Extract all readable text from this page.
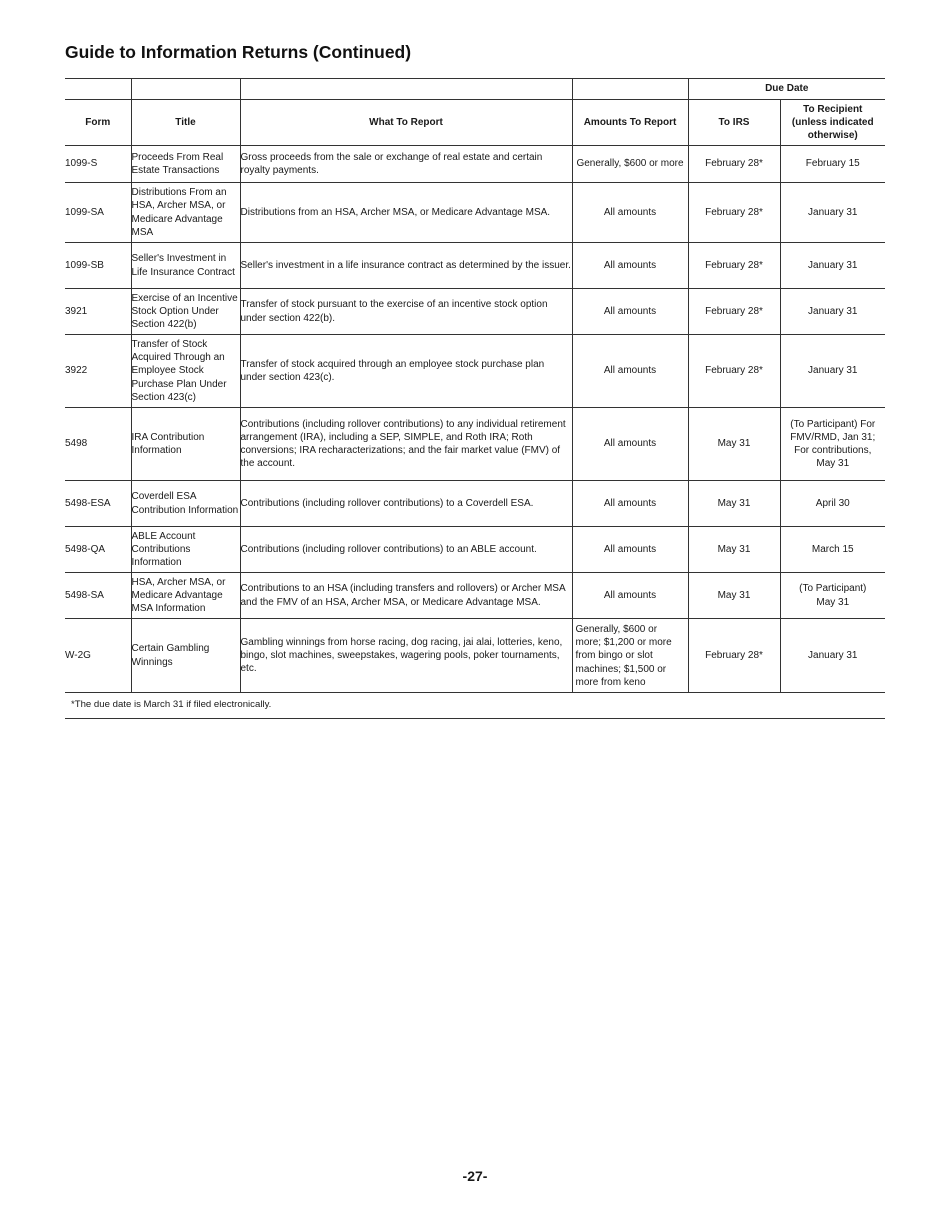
Guide to Information Returns (Continued)
				Due Date	
Form	Title	What To Report	Amounts To Report	To IRS	To Recipient (unless indicated otherwise)
1099-S	Proceeds From Real Estate Transactions	Gross proceeds from the sale or exchange of real estate and certain royalty payments.	Generally, $600 or more	February 28*	February 15
1099-SA	Distributions From an HSA, Archer MSA, or Medicare Advantage MSA	Distributions from an HSA, Archer MSA, or Medicare Advantage MSA.	All amounts	February 28*	January 31
1099-SB	Seller's Investment in Life Insurance Contract	Seller's investment in a life insurance contract as determined by the issuer.	All amounts	February 28*	January 31
3921	Exercise of an Incentive Stock Option Under Section 422(b)	Transfer of stock pursuant to the exercise of an incentive stock option under section 422(b).	All amounts	February 28*	January 31
3922	Transfer of Stock Acquired Through an Employee Stock Purchase Plan Under Section 423(c)	Transfer of stock acquired through an employee stock purchase plan under section 423(c).	All amounts	February 28*	January 31
5498	IRA Contribution Information	Contributions (including rollover contributions) to any individual retirement arrangement (IRA), including a SEP, SIMPLE, and Roth IRA; Roth conversions; IRA recharacterizations; and the fair market value (FMV) of the account.	All amounts	May 31	(To Participant) For FMV/RMD, Jan 31; For contributions, May 31
5498-ESA	Coverdell ESA Contribution Information	Contributions (including rollover contributions) to a Coverdell ESA.	All amounts	May 31	April 30
5498-QA	ABLE Account Contributions Information	Contributions (including rollover contributions) to an ABLE account.	All amounts	May 31	March 15
5498-SA	HSA, Archer MSA, or Medicare Advantage MSA Information	Contributions to an HSA (including transfers and rollovers) or Archer MSA and the FMV of an HSA, Archer MSA, or Medicare Advantage MSA.	All amounts	May 31	(To Participant) May 31
W-2G	Certain Gambling Winnings	Gambling winnings from horse racing, dog racing, jai alai, lotteries, keno, bingo, slot machines, sweepstakes, wagering pools, poker tournaments, etc.	Generally, $600 or more; $1,200 or more from bingo or slot machines; $1,500 or more from keno	February 28*	January 31
*The due date is March 31 if filed electronically.					
-27-
